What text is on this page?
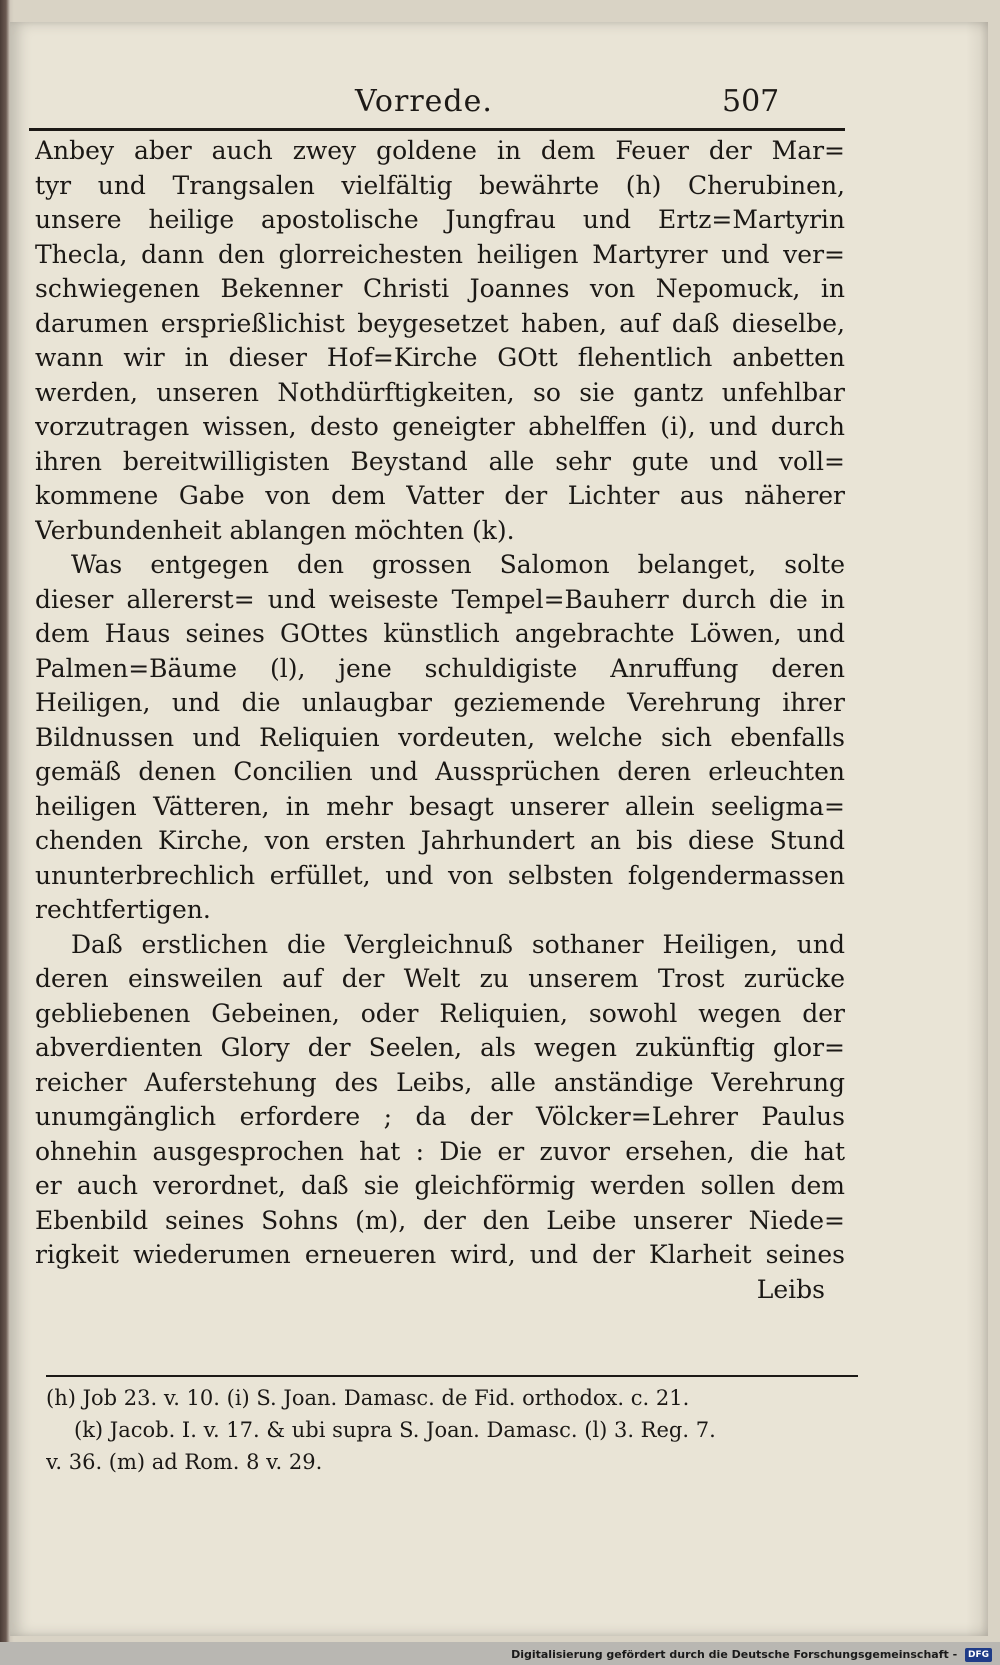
Vorrede.	507
Anbey aber auch zwey goldene in dem Feuer der Mar=
tyr und Trangsalen vielfältig bewährte (h) Cherubinen,
unsere heilige apostolische Jungfrau und Ertz=Martyrin
Thecla, dann den glorreichesten heiligen Martyrer und ver=
schwiegenen Bekenner Christi Joannes von Nepomuck, in
darumen ersprießlichist beygesetzet haben, auf daß dieselbe,
wann wir in dieser Hof=Kirche GOtt flehentlich anbetten
werden, unseren Nothdürftigkeiten, so sie gantz unfehlbar
vorzutragen wissen, desto geneigter abhelffen (i), und durch
ihren bereitwilligisten Beystand alle sehr gute und voll=
kommene Gabe von dem Vatter der Lichter aus näherer
Verbundenheit ablangen möchten (k).
Was entgegen den grossen Salomon belanget, solte
dieser allererst= und weiseste Tempel=Bauherr durch die in
dem Haus seines GOttes künstlich angebrachte Löwen, und
Palmen=Bäume (l), jene schuldigiste Anruffung deren
Heiligen, und die unlaugbar geziemende Verehrung ihrer
Bildnussen und Reliquien vordeuten, welche sich ebenfalls
gemäß denen Concilien und Aussprüchen deren erleuchten
heiligen Vätteren, in mehr besagt unserer allein seeligma=
chenden Kirche, von ersten Jahrhundert an bis diese Stund
ununterbrechlich erfüllet, und von selbsten folgendermassen
rechtfertigen.
Daß erstlichen die Vergleichnuß sothaner Heiligen, und
deren einsweilen auf der Welt zu unserem Trost zurücke
gebliebenen Gebeinen, oder Reliquien, sowohl wegen der
abverdienten Glory der Seelen, als wegen zukünftig glor=
reicher Auferstehung des Leibs, alle anständige Verehrung
unumgänglich erfordere ; da der Völcker=Lehrer Paulus
ohnehin ausgesprochen hat : Die er zuvor ersehen, die hat
er auch verordnet, daß sie gleichförmig werden sollen dem
Ebenbild seines Sohns (m), der den Leibe unserer Niede=
rigkeit wiederumen erneueren wird, und der Klarheit seines
Leibs
(h) Job 23. v. 10. (i) S. Joan. Damasc. de Fid. orthodox. c. 21.
(k) Jacob. I. v. 17. & ubi supra S. Joan. Damasc. (l) 3. Reg. 7.
v. 36. (m) ad Rom. 8 v. 29.
Digitalisierung gefördert durch die Deutsche Forschungsgemeinschaft - DFG
